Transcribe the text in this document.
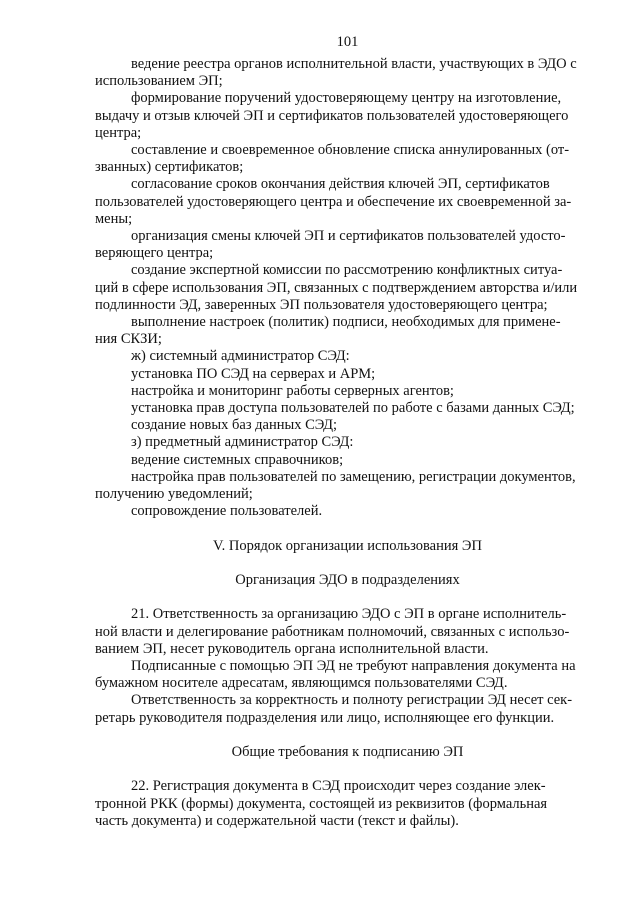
101

ведение реестра органов исполнительной власти, участвующих в ЭДО с
использованием ЭП;

формирование поручений удостоверяющему центру на изготовление,
выдачу и отзыв ключей ЭП и сертификатов пользователей удостоверяющего
центра;

составление и своевременное обновление списка аннулированных (от-
званных) сертификатов;

согласование сроков окончания действия ключей ЭП, сертификатов
пользователей удостоверяющего центра и обеспечение их своевременной за-
мены;

организация смены ключей ЭП и сертификатов пользователей удосто-
веряющего центра;

создание экспертной комиссии по рассмотрению конфликтных ситуа-
ций в сфере использования ЭП, связанных с подтверждением авторства и/или
подлинности ЭД, заверенных ЭП пользователя удостоверяющего центра;

выполнение настроек (политик) подписи, необходимых для примене-
ния СКЗИ;

ж) системный администратор СЭД:

установка ПО СЭД на серверах и АРМ;

настройка и мониторинг работы серверных агентов;

установка прав доступа пользователей по работе с базами данных СЭД;

создание новых баз данных СЭД;

з) предметный администратор СЭД:

ведение системных справочников;

настройка прав пользователей по замещению, регистрации документов,
получению уведомлений;

сопровождение пользователей.

V. Порядок организации использования ЭП

Организация ЭДО в подразделениях

21. Ответственность за организацию ЭДО с ЭП в органе исполнитель-
ной власти и делегирование работникам полномочий, связанных с использо-
ванием ЭП, несет руководитель органа исполнительной власти.

Подписанные с помощью ЭП ЭД не требуют направления документа на
бумажном носителе адресатам, являющимся пользователями СЭД.

Ответственность за корректность и полноту регистрации ЭД несет сек-
ретарь руководителя подразделения или лицо, исполняющее его функции.

Общие требования к подписанию ЭП

22. Регистрация документа в СЭД происходит через создание элек-
тронной РКК (формы) документа, состоящей из реквизитов (формальная
часть документа) и содержательной части (текст и файлы).
